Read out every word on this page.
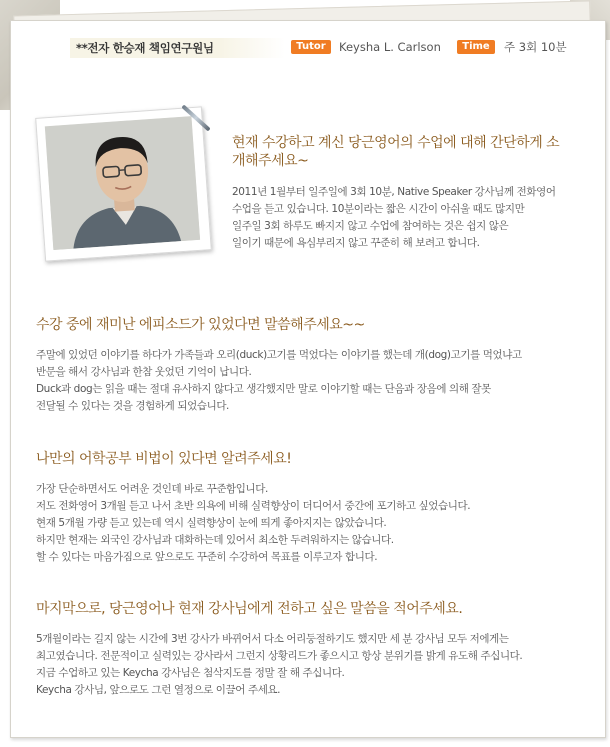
**전자 한승재 책임연구원님	Tutor	Keysha L. Carlson	Time	주 3회 10분
현재 수강하고 계신 당근영어의 수업에 대해 간단하게 소개해주세요~
2011년 1월부터 일주일에 3회 10분, Native Speaker 강사님께 전화영어
수업을 듣고 있습니다. 10분이라는 짧은 시간이 아쉬울 때도 많지만
일주일 3회 하루도 빠지지 않고 수업에 참여하는 것은 쉽지 않은
일이기 때문에 욕심부리지 않고 꾸준히 해 보려고 합니다.
수강 중에 재미난 에피소드가 있었다면 말씀해주세요~~
주말에 있었던 이야기를 하다가 가족들과 오리(duck)고기를 먹었다는 이야기를 했는데 개(dog)고기를 먹었냐고
반문을 해서 강사님과 한참 웃었던 기억이 납니다.
Duck과 dog는 읽을 때는 절대 유사하지 않다고 생각했지만 말로 이야기할 때는 단음과 장음에 의해 잘못
전달될 수 있다는 것을 경험하게 되었습니다.
나만의 어학공부 비법이 있다면 알려주세요!
가장 단순하면서도 어려운 것인데 바로 꾸준함입니다.
저도 전화영어 3개월 듣고 나서 초반 의욕에 비해 실력향상이 더디어서 중간에 포기하고 싶었습니다.
현재 5개월 가량 듣고 있는데 역시 실력향상이 눈에 띄게 좋아지지는 않았습니다.
하지만 현재는 외국인 강사님과 대화하는데 있어서 최소한 두려워하지는 않습니다.
할 수 있다는 마음가짐으로 앞으로도 꾸준히 수강하여 목표를 이루고자 합니다.
마지막으로, 당근영어나 현재 강사님에게 전하고 싶은 말씀을 적어주세요.
5개월이라는 길지 않는 시간에 3번 강사가 바뀌어서 다소 어리둥절하기도 했지만 세 분 강사님 모두 저에게는
최고였습니다. 전문적이고 실력있는 강사라서 그런지 상황리드가 좋으시고 항상 분위기를 밝게 유도해 주십니다.
지금 수업하고 있는 Keycha 강사님은 첨삭지도를 정말 잘 해 주십니다.
Keycha 강사님, 앞으로도 그런 열정으로 이끌어 주세요.
